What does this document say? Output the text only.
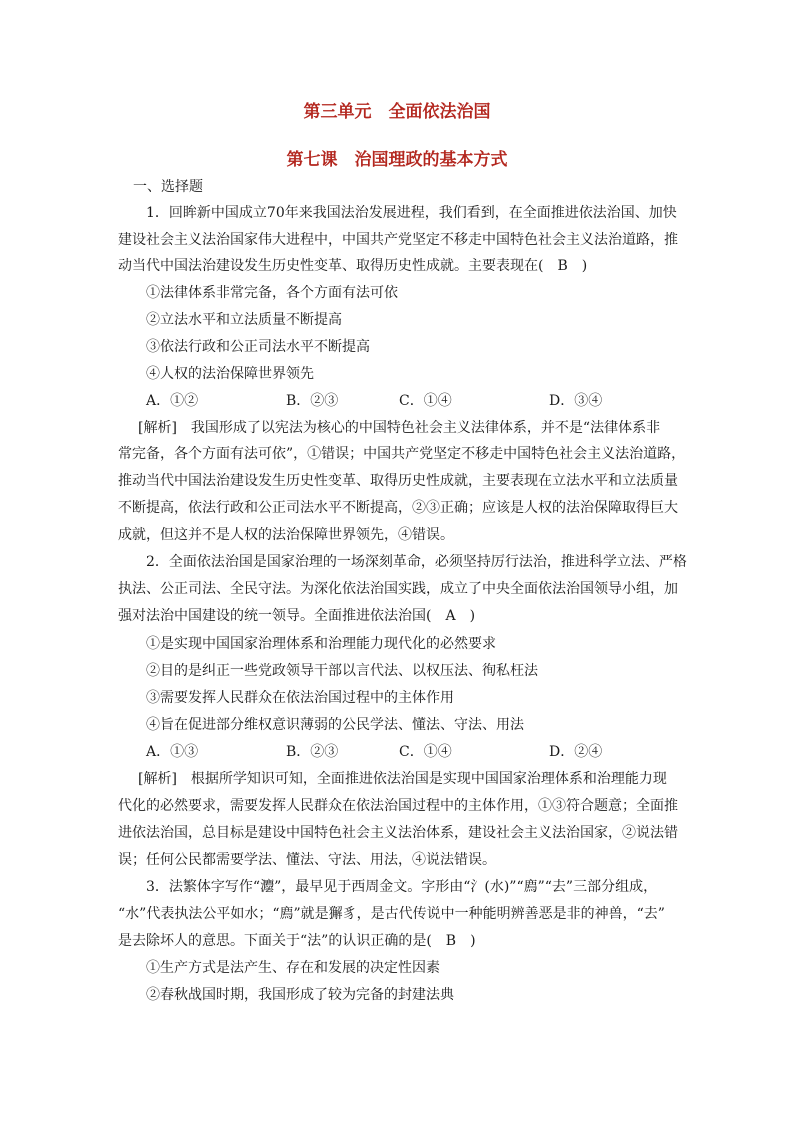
第三单元　全面依法治国
第七课　治国理政的基本方式
一、选择题
1．回眸新中国成立70年来我国法治发展进程，我们看到，在全面推进依法治国、加快
建设社会主义法治国家伟大进程中，中国共产党坚定不移走中国特色社会主义法治道路，推
动当代中国法治建设发生历史性变革、取得历史性成就。主要表现在(　B　)
①法律体系非常完备，各个方面有法可依
②立法水平和立法质量不断提高
③依法行政和公正司法水平不断提高
④人权的法治保障世界领先
A．①②	B．②③	C．①④	D．③④
[解析]　我国形成了以宪法为核心的中国特色社会主义法律体系，并不是“法律体系非
常完备，各个方面有法可依”，①错误；中国共产党坚定不移走中国特色社会主义法治道路，
推动当代中国法治建设发生历史性变革、取得历史性成就，主要表现在立法水平和立法质量
不断提高，依法行政和公正司法水平不断提高，②③正确；应该是人权的法治保障取得巨大
成就，但这并不是人权的法治保障世界领先，④错误。
2．全面依法治国是国家治理的一场深刻革命，必须坚持厉行法治，推进科学立法、严格
执法、公正司法、全民守法。为深化依法治国实践，成立了中央全面依法治国领导小组，加
强对法治中国建设的统一领导。全面推进依法治国(　A　)
①是实现中国国家治理体系和治理能力现代化的必然要求
②目的是纠正一些党政领导干部以言代法、以权压法、徇私枉法
③需要发挥人民群众在依法治国过程中的主体作用
④旨在促进部分维权意识薄弱的公民学法、懂法、守法、用法
A．①③	B．②③	C．①④	D．②④
[解析]　根据所学知识可知，全面推进依法治国是实现中国国家治理体系和治理能力现
代化的必然要求，需要发挥人民群众在依法治国过程中的主体作用，①③符合题意；全面推
进依法治国，总目标是建设中国特色社会主义法治体系，建设社会主义法治国家，②说法错
误；任何公民都需要学法、懂法、守法、用法，④说法错误。
3．法繁体字写作“灋”，最早见于西周金文。字形由“氵(水)”“廌”“去”三部分组成，
“水”代表执法公平如水；“廌”就是獬豸，是古代传说中一种能明辨善恶是非的神兽，“去”
是去除坏人的意思。下面关于“法”的认识正确的是(　B　)
①生产方式是法产生、存在和发展的决定性因素
②春秋战国时期，我国形成了较为完备的封建法典
